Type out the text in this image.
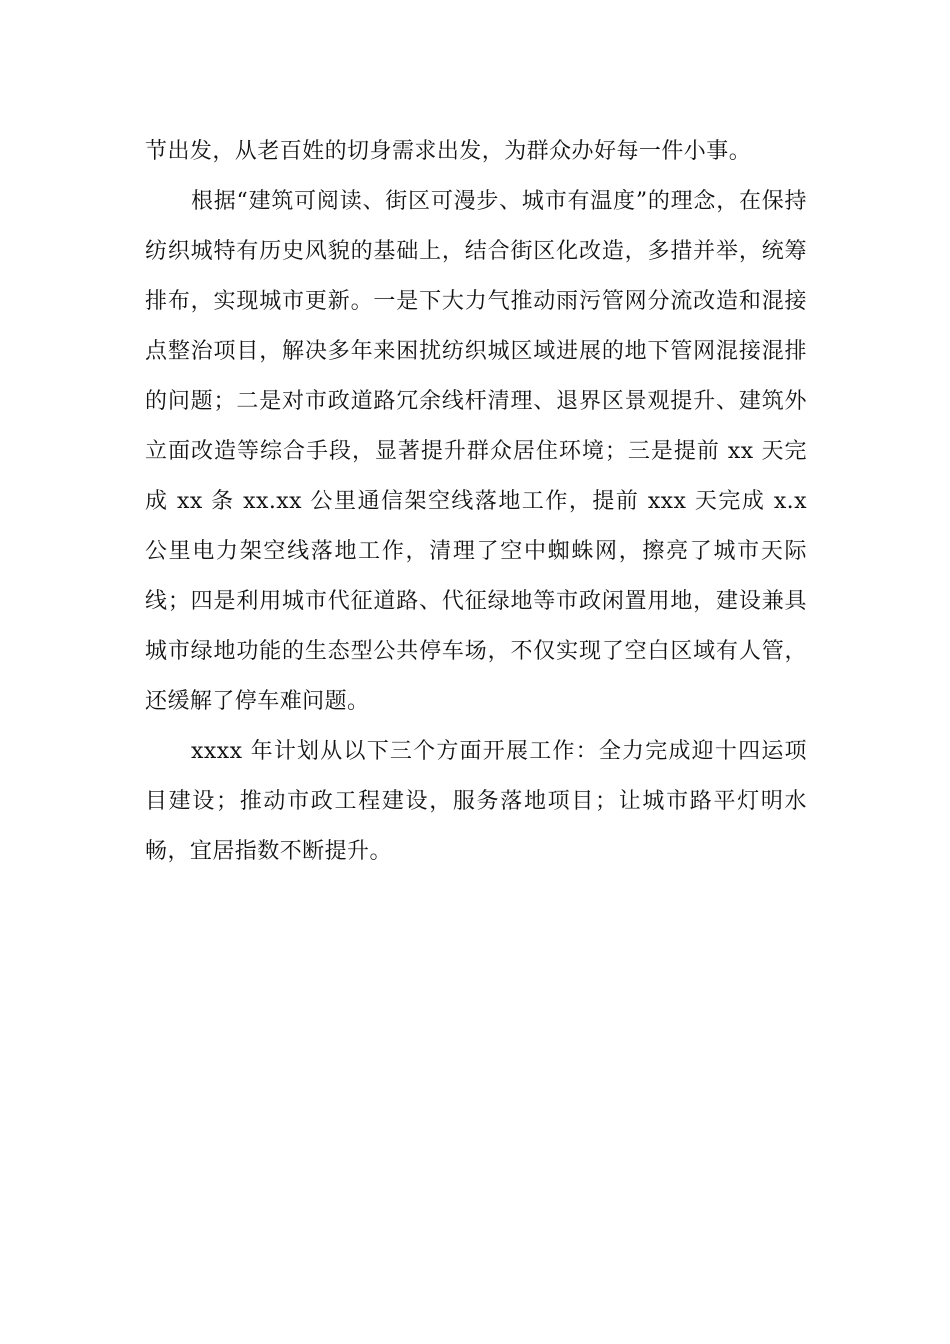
节出发，从老百姓的切身需求出发，为群众办好每一件小事。

根据“建筑可阅读、街区可漫步、城市有温度”的理念，在保持纺织城特有历史风貌的基础上，结合街区化改造，多措并举，统筹排布，实现城市更新。一是下大力气推动雨污管网分流改造和混接点整治项目，解决多年来困扰纺织城区域进展的地下管网混接混排的问题；二是对市政道路冗余线杆清理、退界区景观提升、建筑外立面改造等综合手段，显著提升群众居住环境；三是提前 xx 天完成 xx 条 xx.xx 公里通信架空线落地工作，提前 xxx 天完成 x.x 公里电力架空线落地工作，清理了空中蜘蛛网，擦亮了城市天际线；四是利用城市代征道路、代征绿地等市政闲置用地，建设兼具城市绿地功能的生态型公共停车场，不仅实现了空白区域有人管，还缓解了停车难问题。

xxxx 年计划从以下三个方面开展工作：全力完成迎十四运项目建设；推动市政工程建设，服务落地项目；让城市路平灯明水畅，宜居指数不断提升。
